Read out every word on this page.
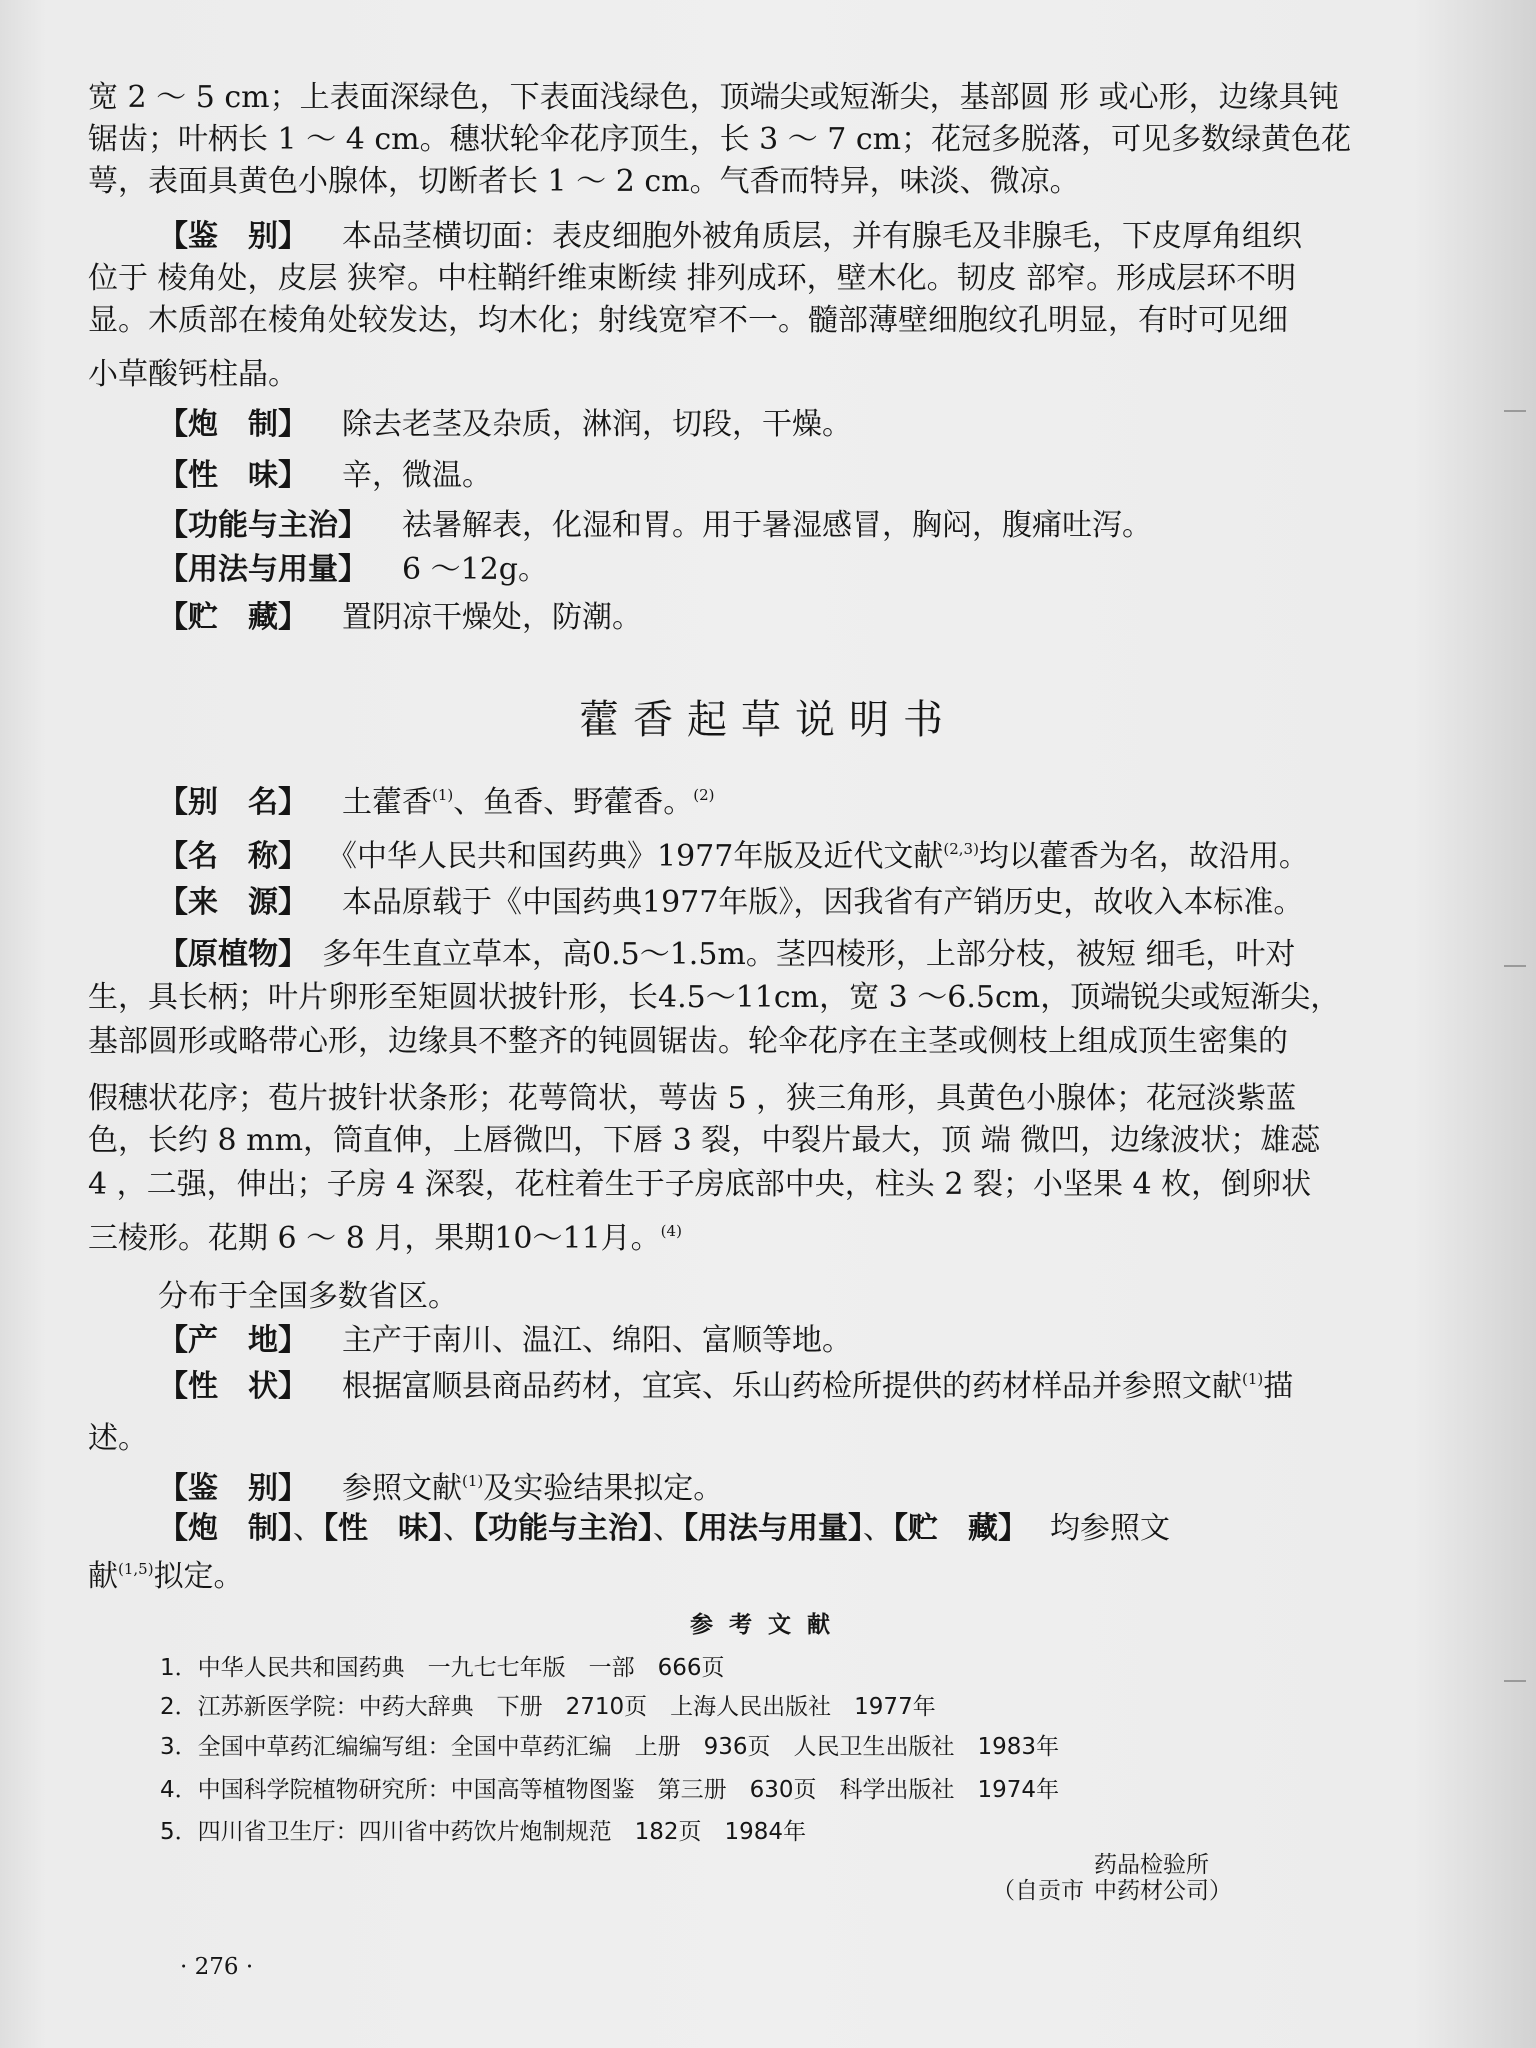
宽 2 ～ 5 cm；上表面深绿色，下表面浅绿色，顶端尖或短渐尖，基部圆 形 或心形，边缘具钝
锯齿；叶柄长 1 ～ 4 cm。穗状轮伞花序顶生，长 3 ～ 7 cm；花冠多脱落，可见多数绿黄色花
萼，表面具黄色小腺体，切断者长 1 ～ 2 cm。气香而特异，味淡、微凉。
【鉴　别】 本品茎横切面：表皮细胞外被角质层，并有腺毛及非腺毛，下皮厚角组织
位于 棱角处，皮层 狭窄。中柱鞘纤维束断续 排列成环，壁木化。韧皮 部窄。形成层环不明
显。木质部在棱角处较发达，均木化；射线宽窄不一。髓部薄壁细胞纹孔明显，有时可见细
小草酸钙柱晶。
【炮　制】 除去老茎及杂质，淋润，切段，干燥。
【性　味】 辛，微温。
【功能与主治】 祛暑解表，化湿和胃。用于暑湿感冒，胸闷，腹痛吐泻。
【用法与用量】 6 ～12g。
【贮　藏】 置阴凉干燥处，防潮。
藿香起草说明书
【别　名】 土藿香$^{(1)}$、鱼香、野藿香。$^{(2)}$
【名　称】 《中华人民共和国药典》1977年版及近代文献$^{(2,3)}$均以藿香为名，故沿用。
【来　源】 本品原载于《中国药典1977年版》，因我省有产销历史，故收入本标准。
【原植物】 多年生直立草本，高0.5～1.5m。茎四棱形，上部分枝，被短 细毛，叶对
生，具长柄；叶片卵形至矩圆状披针形，长4.5～11cm，宽 3 ～6.5cm，顶端锐尖或短渐尖，
基部圆形或略带心形，边缘具不整齐的钝圆锯齿。轮伞花序在主茎或侧枝上组成顶生密集的
假穗状花序；苞片披针状条形；花萼筒状，萼齿 5 ，狭三角形，具黄色小腺体；花冠淡紫蓝
色，长约 8 mm，筒直伸，上唇微凹，下唇 3 裂，中裂片最大，顶 端 微凹，边缘波状；雄蕊
4 ，二强，伸出；子房 4 深裂，花柱着生于子房底部中央，柱头 2 裂；小坚果 4 枚，倒卵状
三棱形。花期 6 ～ 8 月，果期10～11月。$^{(4)}$
分布于全国多数省区。
【产　地】 主产于南川、温江、绵阳、富顺等地。
【性　状】 根据富顺县商品药材，宜宾、乐山药检所提供的药材样品并参照文献$^{(1)}$描
述。
【鉴　别】 参照文献$^{(1)}$及实验结果拟定。
【炮　制】、【性　味】、【功能与主治】、【用法与用量】、【贮　藏】 均参照文
献$^{(1,5)}$拟定。
参考文献
1．中华人民共和国药典　一九七七年版　一部　666页
2．江苏新医学院：中药大辞典　下册　2710页　上海人民出版社　1977年
3．全国中草药汇编编写组：全国中草药汇编　上册　936页　人民卫生出版社　1983年
4．中国科学院植物研究所：中国高等植物图鉴　第三册　630页　科学出版社　1974年
5．四川省卫生厅：四川省中药饮片炮制规范　182页　1984年
（自贡市
药品检验所
中药材公司）
· 276 ·
